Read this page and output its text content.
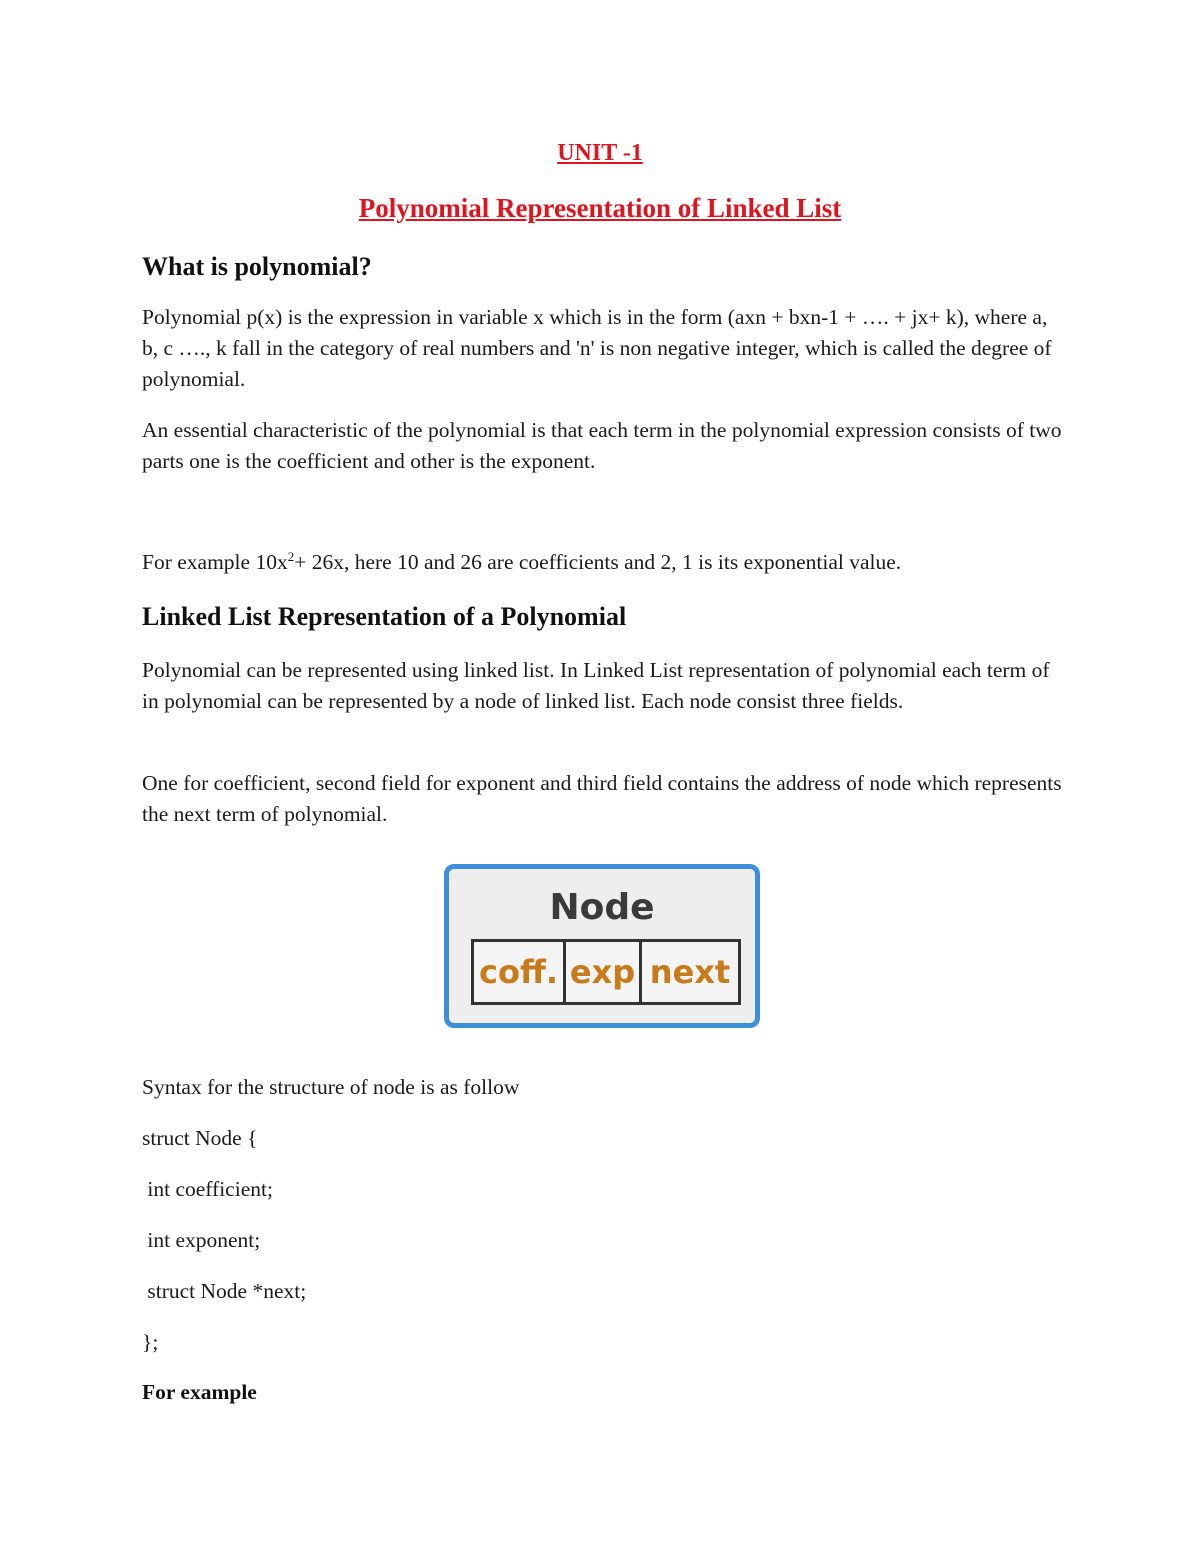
UNIT -1
Polynomial Representation of Linked List
What is polynomial?
Polynomial p(x) is the expression in variable x which is in the form (axn + bxn-1 + …. + jx+ k), where a, b, c …., k fall in the category of real numbers and 'n' is non negative integer, which is called the degree of polynomial.
An essential characteristic of the polynomial is that each term in the polynomial expression consists of two parts one is the coefficient and other is the exponent.
For example $10x^2+ 26x$, here 10 and 26 are coefficients and 2, 1 is its exponential value.
Linked List Representation of a Polynomial
Polynomial can be represented using linked list. In Linked List representation of polynomial each term of in polynomial can be represented by a node of linked list. Each node consist three fields.
One for coefficient, second field for exponent and third field contains the address of node which represents the next term of polynomial.
Node
coff. exp next
Syntax for the structure of node is as follow
struct Node {
int coefficient;
int exponent;
struct Node *next;
};
For example
